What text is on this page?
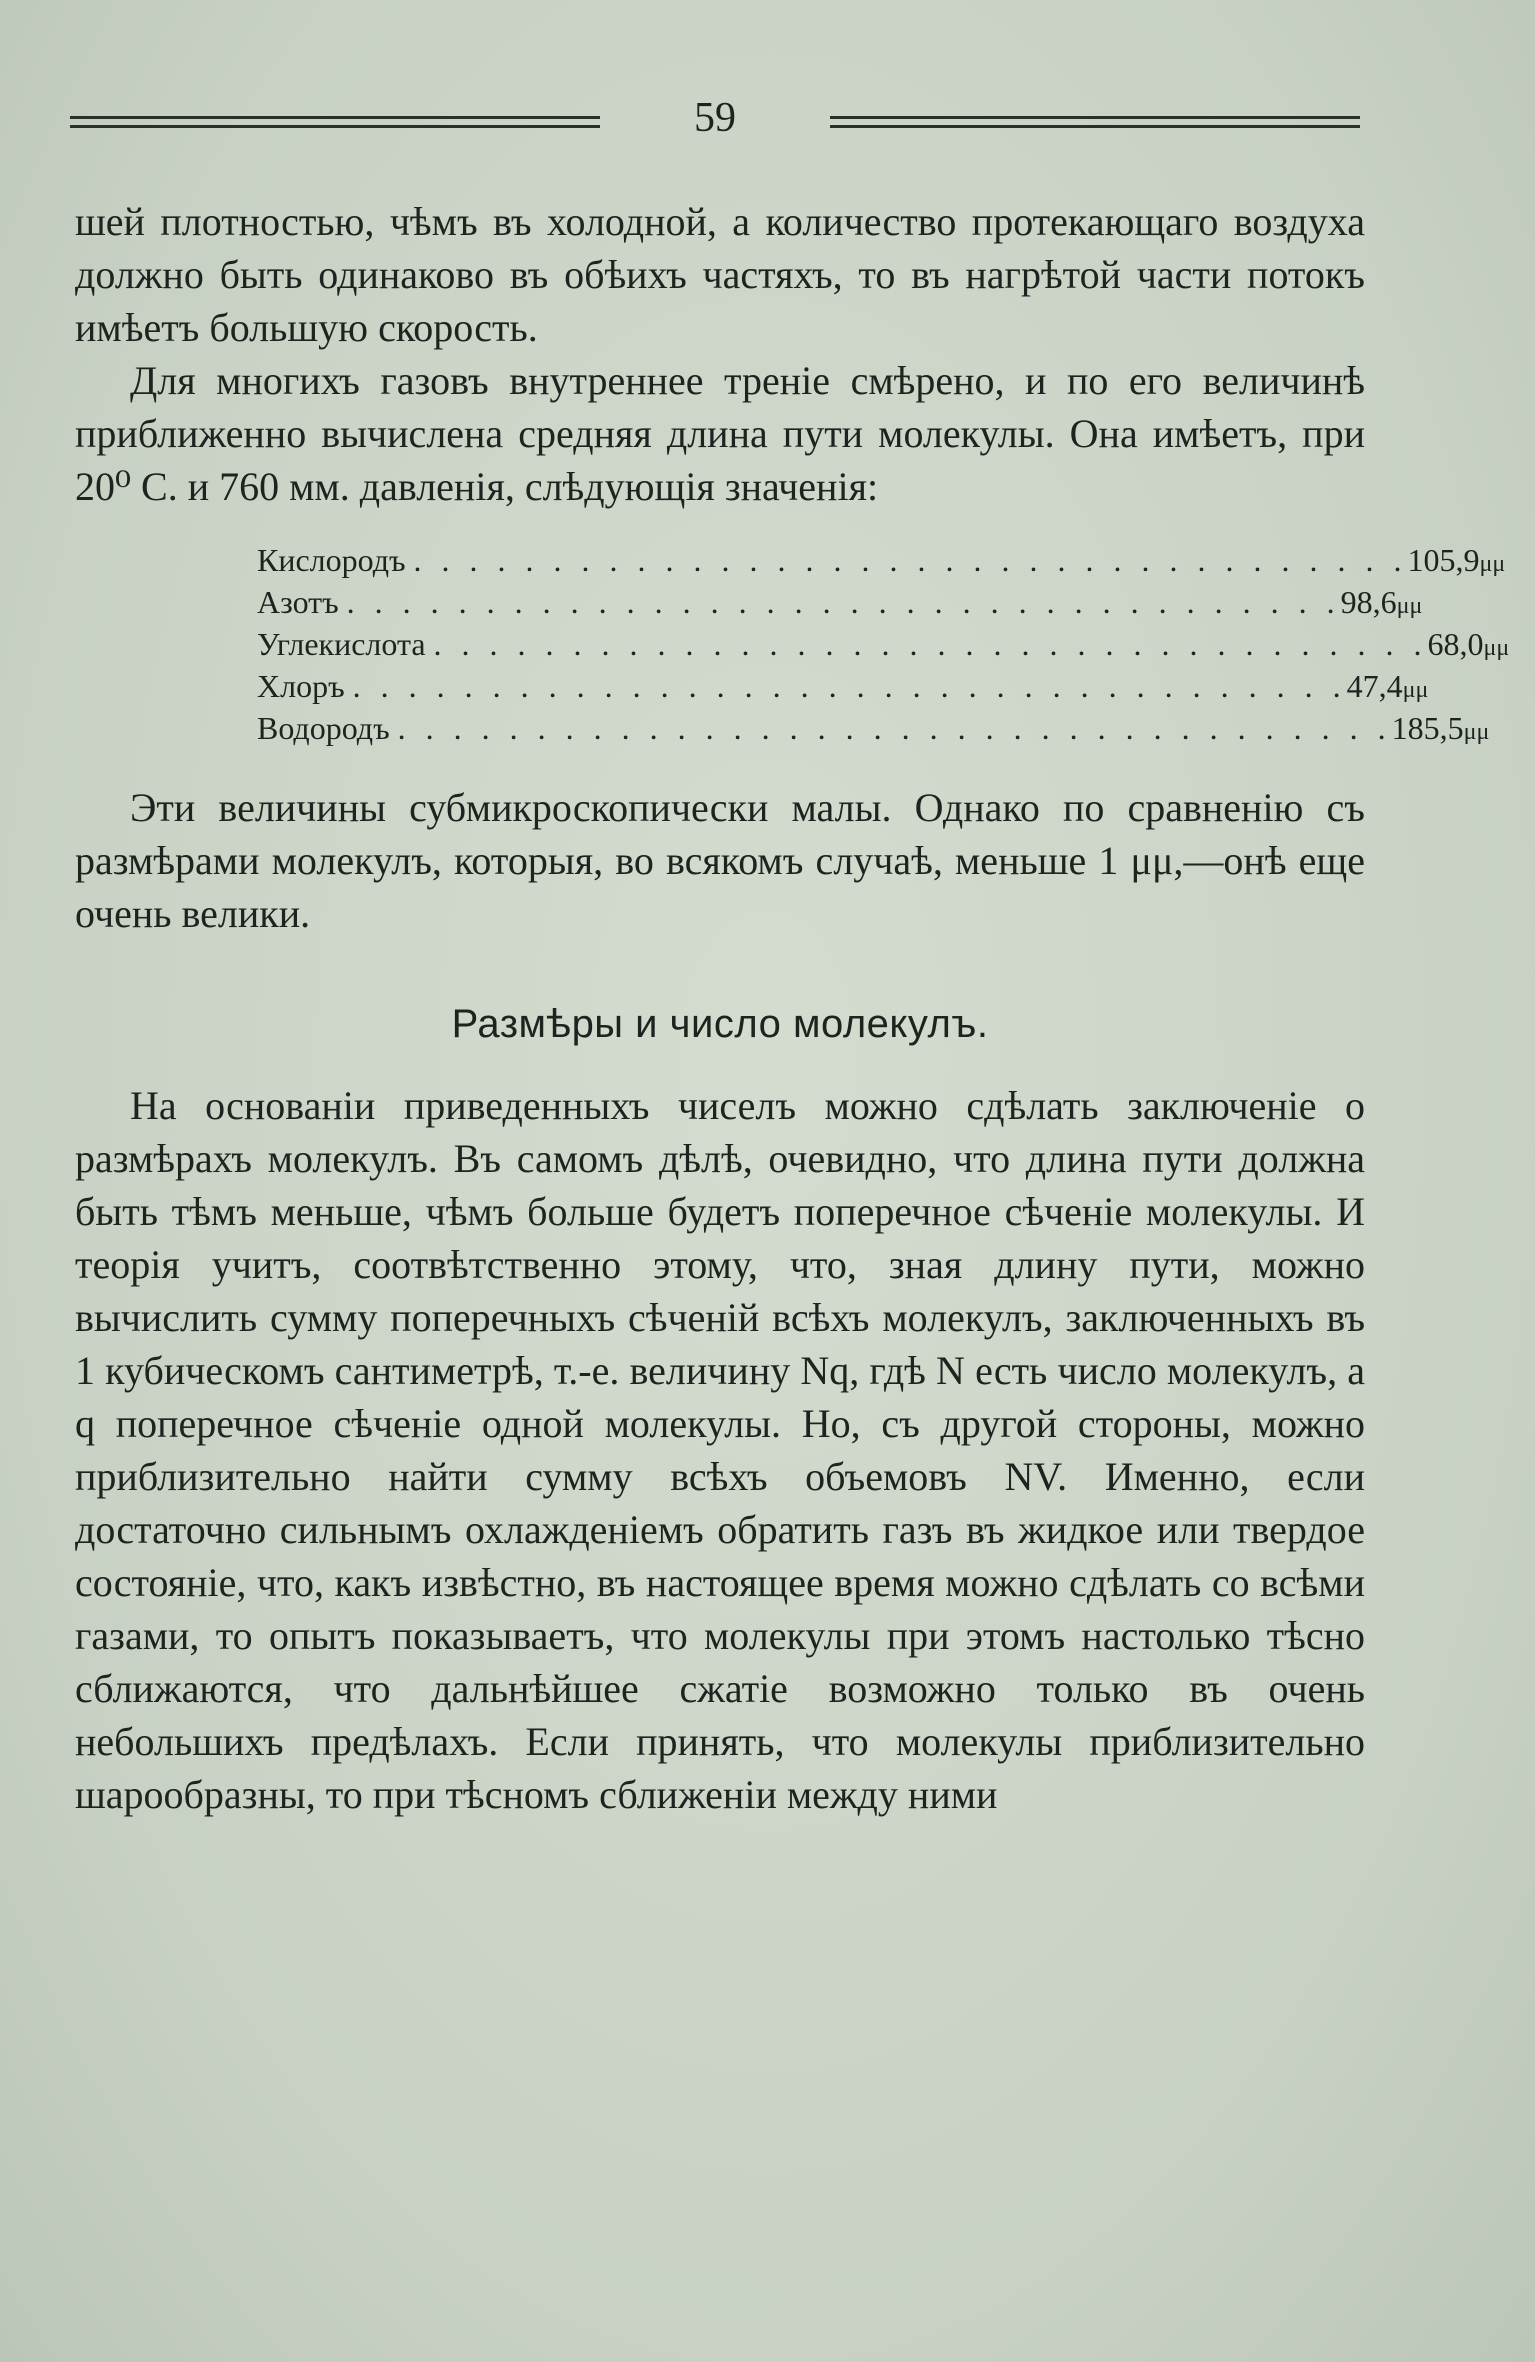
59

шей плотностью, чѣмъ въ холодной, а количество протекающаго воздуха должно быть одинаково въ обѣихъ частяхъ, то въ нагрѣтой части потокъ имѣетъ большую скорость.

Для многихъ газовъ внутреннее тренiе смѣрено, и по его величинѣ приближенно вычислена средняя длина пути молекулы. Она имѣетъ, при 20⁰ С. и 760 мм. давленiя, слѣдующiя значенiя:

Кислородъ . . . . . . . . . . . . . . . . . . . . . . . . . . . . . . . . . . . . 105,9 μμ
Азотъ . . . . . . . . . . . . . . . . . . . . . . . . . . . . . . . . . . . . 98,6 μμ
Углекислота . . . . . . . . . . . . . . . . . . . . . . . . . . . . . . . . . . . . 68,0 μμ
Хлоръ . . . . . . . . . . . . . . . . . . . . . . . . . . . . . . . . . . . . 47,4 μμ
Водородъ . . . . . . . . . . . . . . . . . . . . . . . . . . . . . . . . . . . . 185,5 μμ

Эти величины субмикроскопически малы. Однако по сравненiю съ размѣрами молекулъ, которыя, во всякомъ случаѣ, меньше 1 μμ,—онѣ еще очень велики.

Размѣры и число молекулъ.

На основанiи приведенныхъ чиселъ можно сдѣлать заключенiе о размѣрахъ молекулъ. Въ самомъ дѣлѣ, очевидно, что длина пути должна быть тѣмъ меньше, чѣмъ больше будетъ поперечное сѣченiе молекулы. И теорiя учитъ, соотвѣтственно этому, что, зная длину пути, можно вычислить сумму поперечныхъ сѣченiй всѣхъ молекулъ, заключенныхъ въ 1 кубическомъ сантиметрѣ, т.-е. величину Nq, гдѣ N есть число молекулъ, а q поперечное сѣченiе одной молекулы. Но, съ другой стороны, можно приблизительно найти сумму всѣхъ объемовъ NV. Именно, если достаточно сильнымъ охлажденiемъ обратить газъ въ жидкое или твердое состоянiе, что, какъ извѣстно, въ настоящее время можно сдѣлать со всѣми газами, то опытъ показываетъ, что молекулы при этомъ настолько тѣсно сближаются, что дальнѣйшее сжатiе возможно только въ очень небольшихъ предѣлахъ. Если принять, что молекулы приблизительно шарообразны, то при тѣсномъ сближенiи между ними
